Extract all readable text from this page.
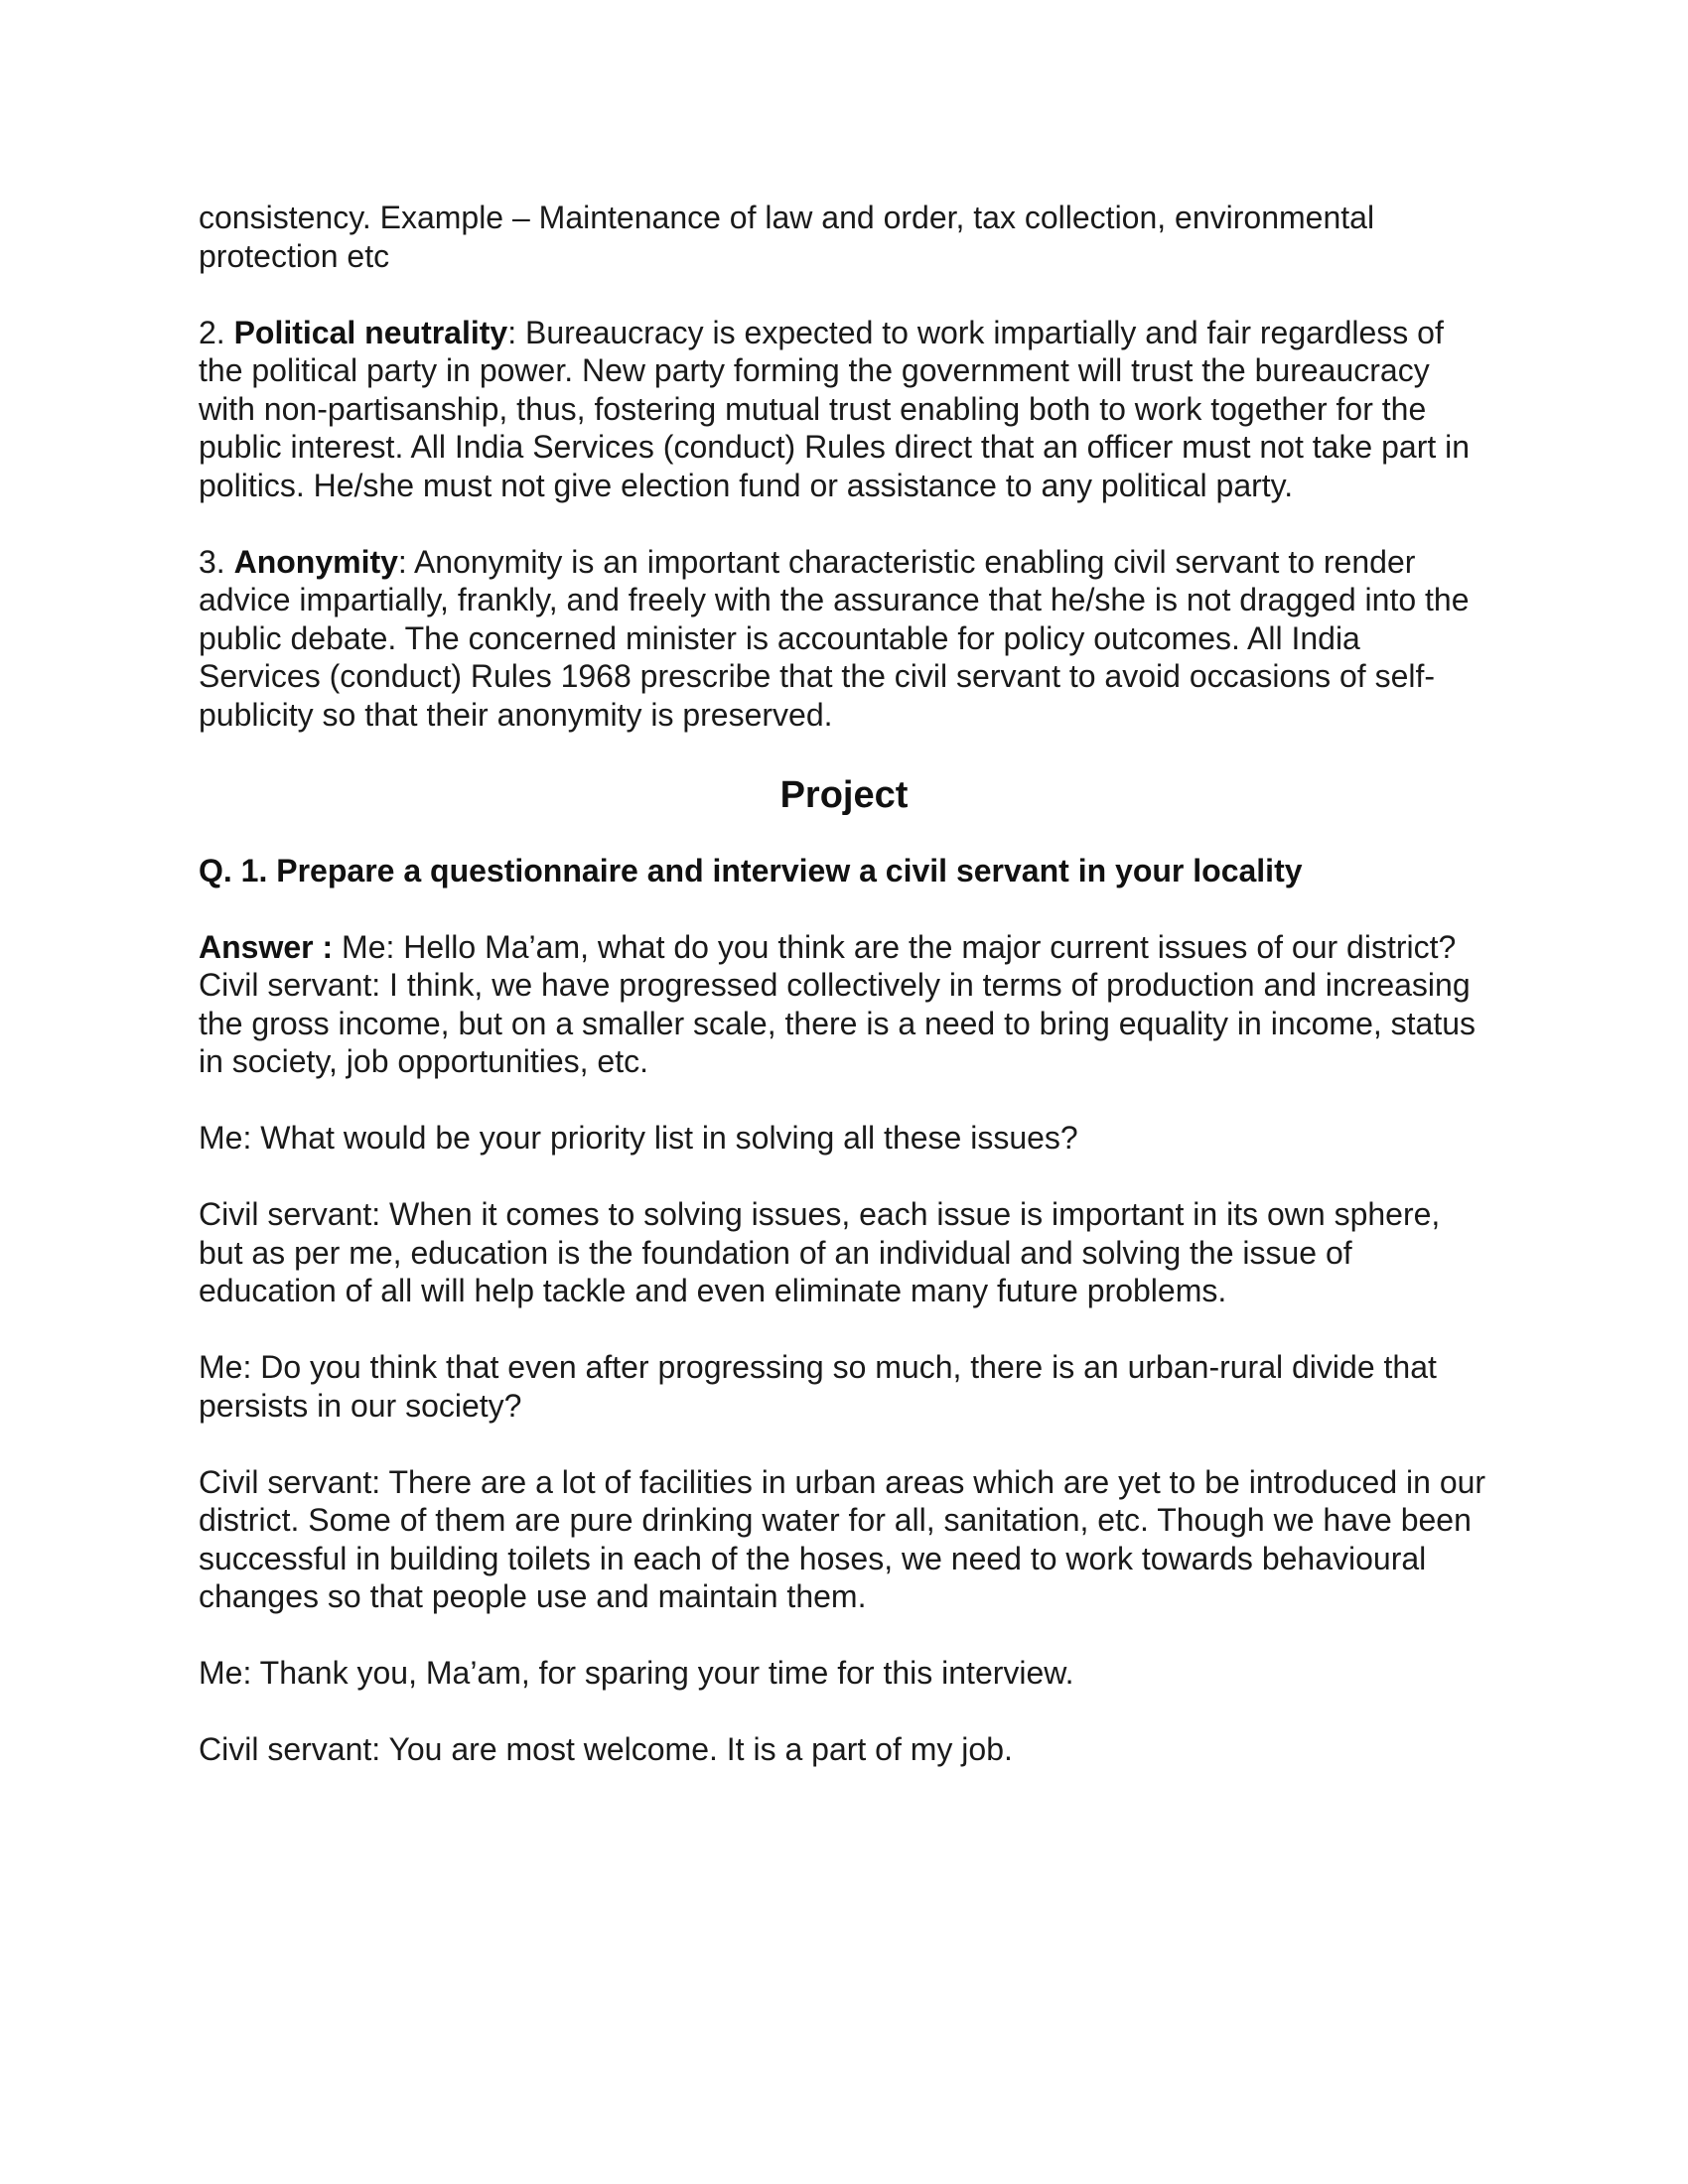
consistency. Example – Maintenance of law and order, tax collection, environmental protection etc

2. Political neutrality: Bureaucracy is expected to work impartially and fair regardless of the political party in power. New party forming the government will trust the bureaucracy with non-partisanship, thus, fostering mutual trust enabling both to work together for the public interest. All India Services (conduct) Rules direct that an officer must not take part in politics. He/she must not give election fund or assistance to any political party.

3. Anonymity: Anonymity is an important characteristic enabling civil servant to render advice impartially, frankly, and freely with the assurance that he/she is not dragged into the public debate. The concerned minister is accountable for policy outcomes. All India Services (conduct) Rules 1968 prescribe that the civil servant to avoid occasions of self-publicity so that their anonymity is preserved.

Project

Q. 1. Prepare a questionnaire and interview a civil servant in your locality

Answer : Me: Hello Ma’am, what do you think are the major current issues of our district?Civil servant: I think, we have progressed collectively in terms of production and increasing the gross income, but on a smaller scale, there is a need to bring equality in income, status in society, job opportunities, etc.

Me: What would be your priority list in solving all these issues?

Civil servant: When it comes to solving issues, each issue is important in its own sphere, but as per me, education is the foundation of an individual and solving the issue of education of all will help tackle and even eliminate many future problems.

Me: Do you think that even after progressing so much, there is an urban-rural divide that persists in our society?

Civil servant: There are a lot of facilities in urban areas which are yet to be introduced in our district. Some of them are pure drinking water for all, sanitation, etc. Though we have been successful in building toilets in each of the hoses, we need to work towards behavioural changes so that people use and maintain them.

Me: Thank you, Ma’am, for sparing your time for this interview.

Civil servant: You are most welcome. It is a part of my job.
